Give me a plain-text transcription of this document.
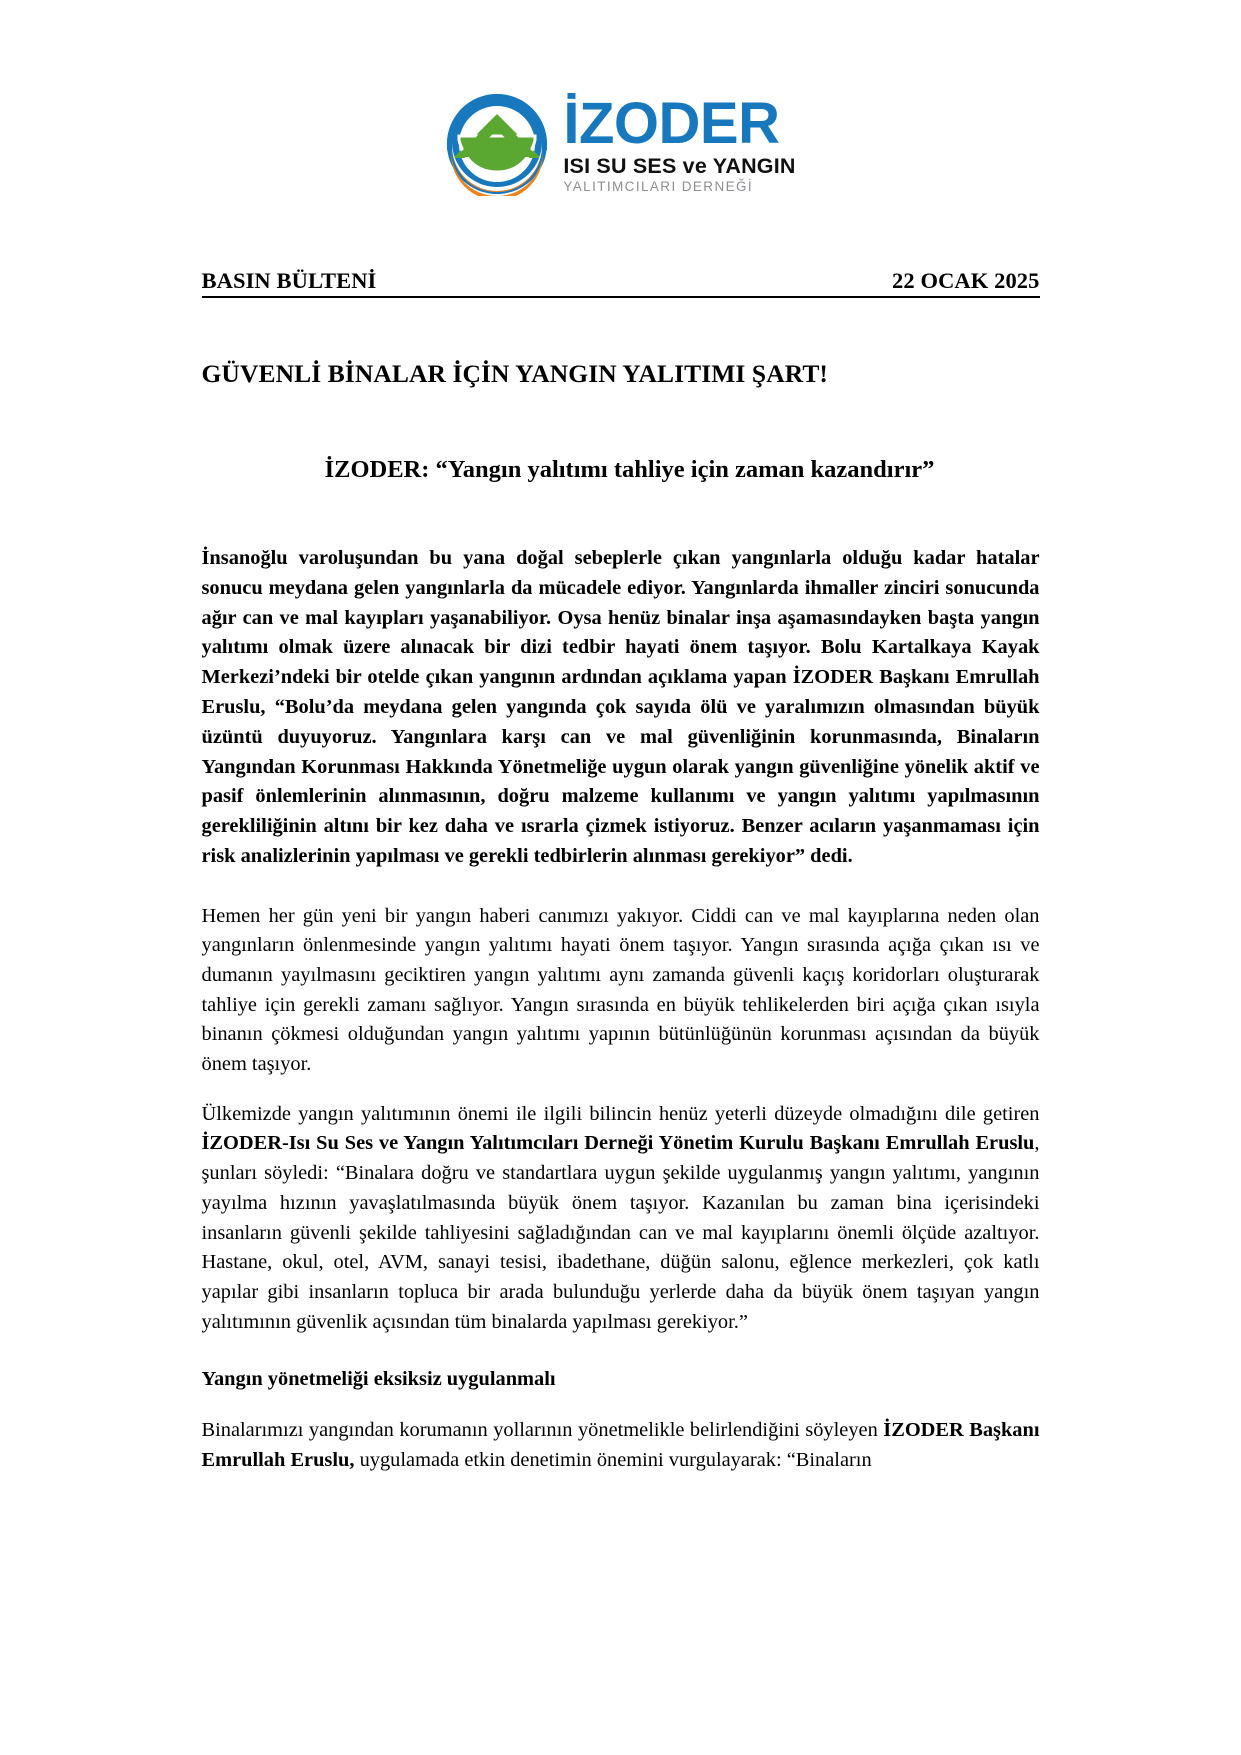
İZODER
ISI SU SES ve YANGIN
YALITIMCILARI DERNEĞİ
BASIN BÜLTENİ	22 OCAK 2025
GÜVENLİ BİNALAR İÇİN YANGIN YALITIMI ŞART!
İZODER: “Yangın yalıtımı tahliye için zaman kazandırır”

İnsanoğlu varoluşundan bu yana doğal sebeplerle çıkan yangınlarla olduğu kadar hatalar sonucu meydana gelen yangınlarla da mücadele ediyor. Yangınlarda ihmaller zinciri sonucunda ağır can ve mal kayıpları yaşanabiliyor. Oysa henüz binalar inşa aşamasındayken başta yangın yalıtımı olmak üzere alınacak bir dizi tedbir hayati önem taşıyor. Bolu Kartalkaya Kayak Merkezi’ndeki bir otelde çıkan yangının ardından açıklama yapan İZODER Başkanı Emrullah Eruslu, “Bolu’da meydana gelen yangında çok sayıda ölü ve yaralımızın olmasından büyük üzüntü duyuyoruz. Yangınlara karşı can ve mal güvenliğinin korunmasında, Binaların Yangından Korunması Hakkında Yönetmeliğe uygun olarak yangın güvenliğine yönelik aktif ve pasif önlemlerinin alınmasının, doğru malzeme kullanımı ve yangın yalıtımı yapılmasının gerekliliğinin altını bir kez daha ve ısrarla çizmek istiyoruz. Benzer acıların yaşanmaması için risk analizlerinin yapılması ve gerekli tedbirlerin alınması gerekiyor” dedi.

Hemen her gün yeni bir yangın haberi canımızı yakıyor. Ciddi can ve mal kayıplarına neden olan yangınların önlenmesinde yangın yalıtımı hayati önem taşıyor. Yangın sırasında açığa çıkan ısı ve dumanın yayılmasını geciktiren yangın yalıtımı aynı zamanda güvenli kaçış koridorları oluşturarak tahliye için gerekli zamanı sağlıyor. Yangın sırasında en büyük tehlikelerden biri açığa çıkan ısıyla binanın çökmesi olduğundan yangın yalıtımı yapının bütünlüğünün korunması açısından da büyük önem taşıyor.

Ülkemizde yangın yalıtımının önemi ile ilgili bilincin henüz yeterli düzeyde olmadığını dile getiren İZODER-Isı Su Ses ve Yangın Yalıtımcıları Derneği Yönetim Kurulu Başkanı Emrullah Eruslu, şunları söyledi: “Binalara doğru ve standartlara uygun şekilde uygulanmış yangın yalıtımı, yangının yayılma hızının yavaşlatılmasında büyük önem taşıyor. Kazanılan bu zaman bina içerisindeki insanların güvenli şekilde tahliyesini sağladığından can ve mal kayıplarını önemli ölçüde azaltıyor. Hastane, okul, otel, AVM, sanayi tesisi, ibadethane, düğün salonu, eğlence merkezleri, çok katlı yapılar gibi insanların topluca bir arada bulunduğu yerlerde daha da büyük önem taşıyan yangın yalıtımının güvenlik açısından tüm binalarda yapılması gerekiyor.”

Yangın yönetmeliği eksiksiz uygulanmalı

Binalarımızı yangından korumanın yollarının yönetmelikle belirlendiğini söyleyen İZODER Başkanı Emrullah Eruslu, uygulamada etkin denetimin önemini vurgulayarak: “Binaların
